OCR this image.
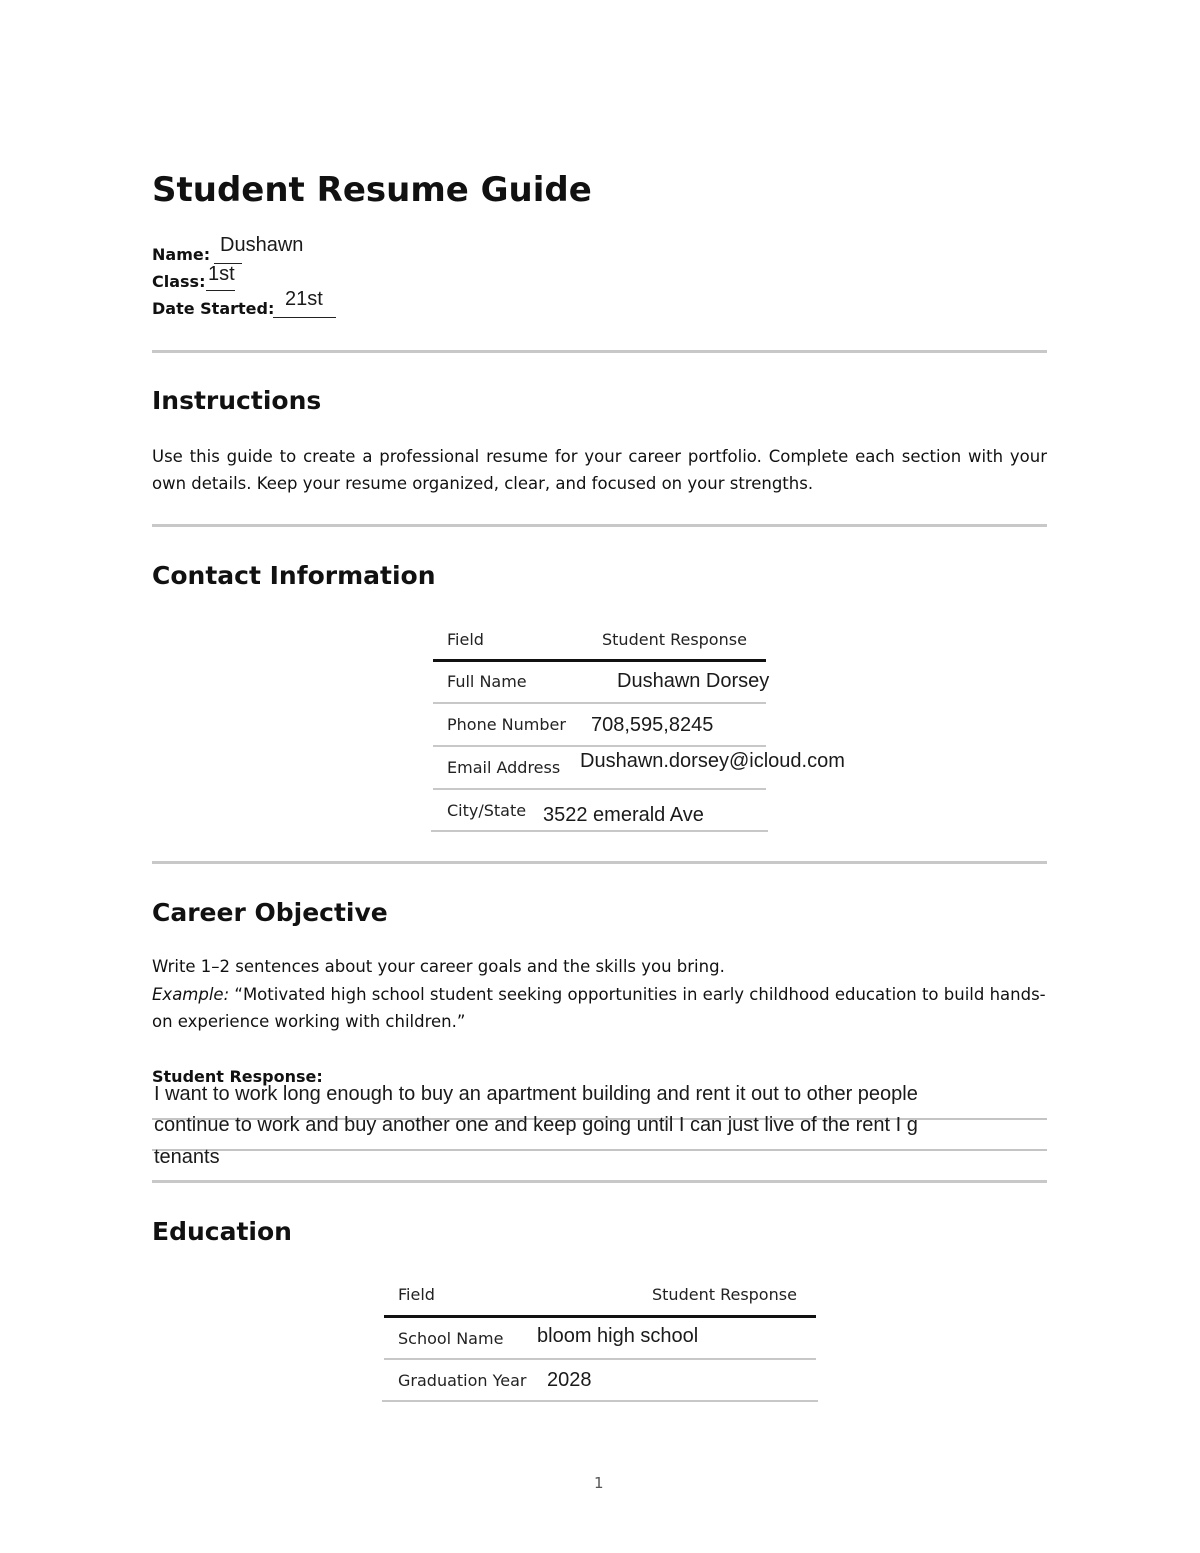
Student Resume Guide
Name: Dushawn
Class: 1st
Date Started: 21st
Instructions
Use this guide to create a professional resume for your career portfolio. Complete each section with your own details. Keep your resume organized, clear, and focused on your strengths.
Contact Information
Field	Student Response
Full Name	Dushawn Dorsey
Phone Number 708,595,8245
Email Address Dushawn.dorsey@icloud.com
City/State 3522 emerald Ave
Career Objective
Write 1–2 sentences about your career goals and the skills you bring.
Example: “Motivated high school student seeking opportunities in early childhood education to build hands-on experience working with children.”
Student Response:
I want to work long enough to buy an apartment building and rent it out to other people
continue to work and buy another one and keep going until I can just live of the rent I g
tenants
Education
Field	Student Response
School Name bloom high school
Graduation Year 2028
1
